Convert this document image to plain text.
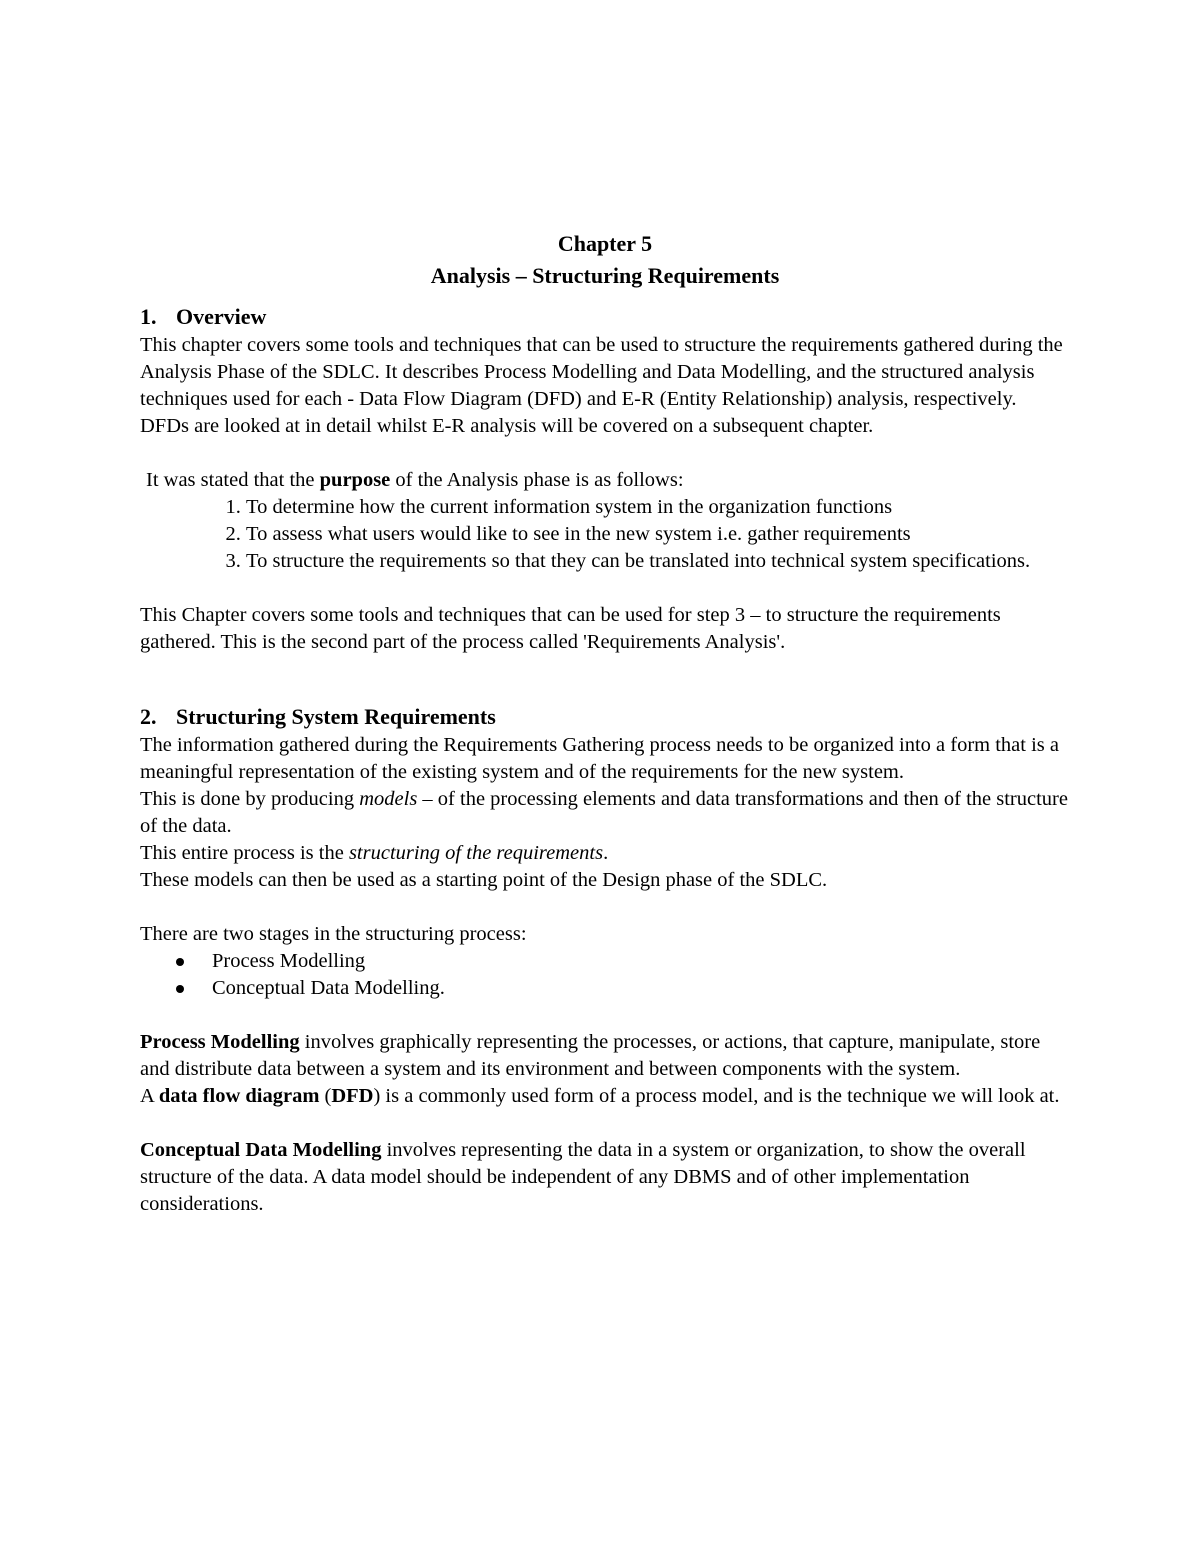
Chapter 5

Analysis – Structuring Requirements

1. Overview

This chapter covers some tools and techniques that can be used to structure the requirements gathered during the Analysis Phase of the SDLC. It describes Process Modelling and Data Modelling, and the structured analysis techniques used for each - Data Flow Diagram (DFD) and E-R (Entity Relationship) analysis, respectively. DFDs are looked at in detail whilst E-R analysis will be covered on a subsequent chapter.

It was stated that the purpose of the Analysis phase is as follows:

1. To determine how the current information system in the organization functions
2. To assess what users would like to see in the new system i.e. gather requirements
3. To structure the requirements so that they can be translated into technical system specifications.

This Chapter covers some tools and techniques that can be used for step 3 – to structure the requirements gathered. This is the second part of the process called 'Requirements Analysis'.

2. Structuring System Requirements

The information gathered during the Requirements Gathering process needs to be organized into a form that is a meaningful representation of the existing system and of the requirements for the new system.

This is done by producing models – of the processing elements and data transformations and then of the structure of the data.

This entire process is the structuring of the requirements.

These models can then be used as a starting point of the Design phase of the SDLC.

There are two stages in the structuring process:

Process Modelling
Conceptual Data Modelling.

Process Modelling involves graphically representing the processes, or actions, that capture, manipulate, store and distribute data between a system and its environment and between components with the system.

A data flow diagram (DFD) is a commonly used form of a process model, and is the technique we will look at.

Conceptual Data Modelling involves representing the data in a system or organization, to show the overall structure of the data. A data model should be independent of any DBMS and of other implementation considerations.
